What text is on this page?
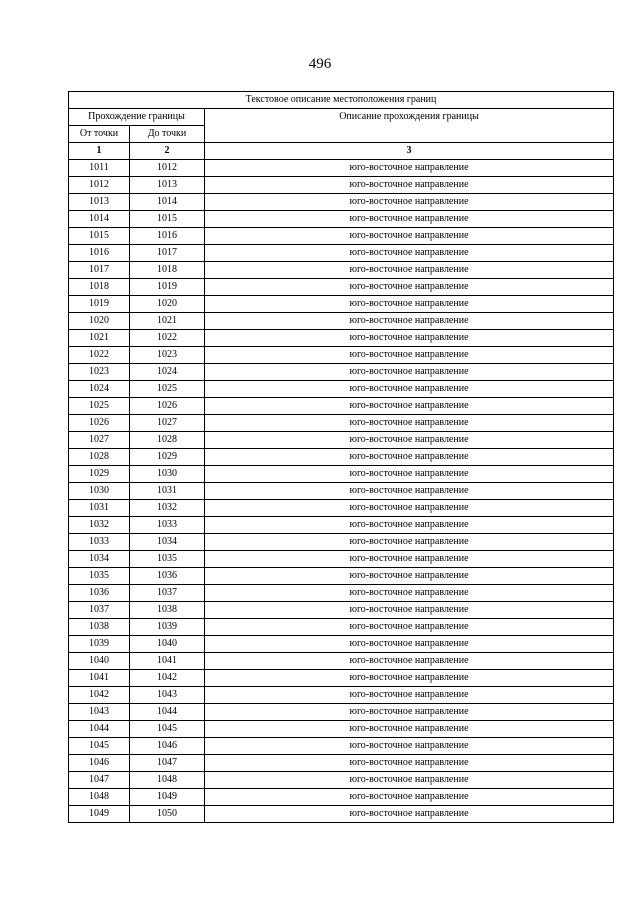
496
Текстовое описание местоположения границ		
Прохождение границы		Описание прохождения границы
От точки	До точки	
1	2	3
1011	1012	юго-восточное направление
1012	1013	юго-восточное направление
1013	1014	юго-восточное направление
1014	1015	юго-восточное направление
1015	1016	юго-восточное направление
1016	1017	юго-восточное направление
1017	1018	юго-восточное направление
1018	1019	юго-восточное направление
1019	1020	юго-восточное направление
1020	1021	юго-восточное направление
1021	1022	юго-восточное направление
1022	1023	юго-восточное направление
1023	1024	юго-восточное направление
1024	1025	юго-восточное направление
1025	1026	юго-восточное направление
1026	1027	юго-восточное направление
1027	1028	юго-восточное направление
1028	1029	юго-восточное направление
1029	1030	юго-восточное направление
1030	1031	юго-восточное направление
1031	1032	юго-восточное направление
1032	1033	юго-восточное направление
1033	1034	юго-восточное направление
1034	1035	юго-восточное направление
1035	1036	юго-восточное направление
1036	1037	юго-восточное направление
1037	1038	юго-восточное направление
1038	1039	юго-восточное направление
1039	1040	юго-восточное направление
1040	1041	юго-восточное направление
1041	1042	юго-восточное направление
1042	1043	юго-восточное направление
1043	1044	юго-восточное направление
1044	1045	юго-восточное направление
1045	1046	юго-восточное направление
1046	1047	юго-восточное направление
1047	1048	юго-восточное направление
1048	1049	юго-восточное направление
1049	1050	юго-восточное направление
